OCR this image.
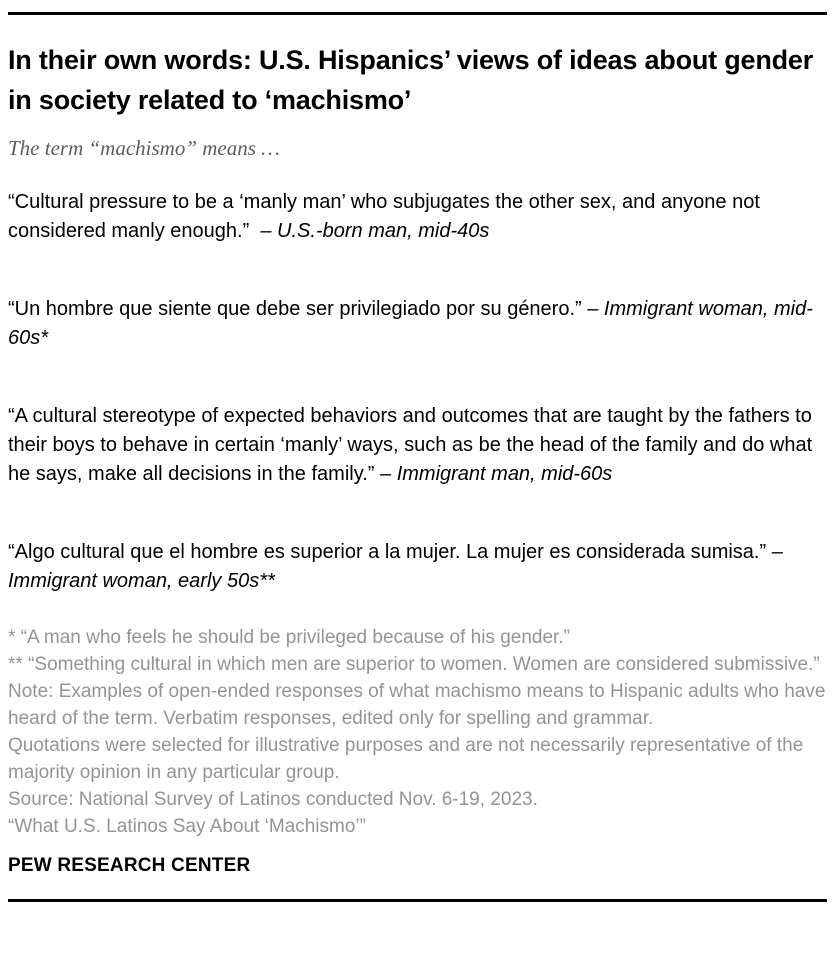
In their own words: U.S. Hispanics’ views of ideas about gender in society related to ‘machismo’

The term “machismo” means …

“Cultural pressure to be a ‘manly man’ who subjugates the other sex, and anyone not considered manly enough.”  – U.S.-born man, mid-40s

“Un hombre que siente que debe ser privilegiado por su género.” – Immigrant woman, mid-60s*

“A cultural stereotype of expected behaviors and outcomes that are taught by the fathers to their boys to behave in certain ‘manly’ ways, such as be the head of the family and do what he says, make all decisions in the family.” – Immigrant man, mid-60s

“Algo cultural que el hombre es superior a la mujer. La mujer es considerada sumisa.” – Immigrant woman, early 50s**

* “A man who feels he should be privileged because of his gender.”

** “Something cultural in which men are superior to women. Women are considered submissive.”

Note: Examples of open-ended responses of what machismo means to Hispanic adults who have heard of the term. Verbatim responses, edited only for spelling and grammar.

Quotations were selected for illustrative purposes and are not necessarily representative of the majority opinion in any particular group.

Source: National Survey of Latinos conducted Nov. 6-19, 2023.

“What U.S. Latinos Say About ‘Machismo’”

PEW RESEARCH CENTER
